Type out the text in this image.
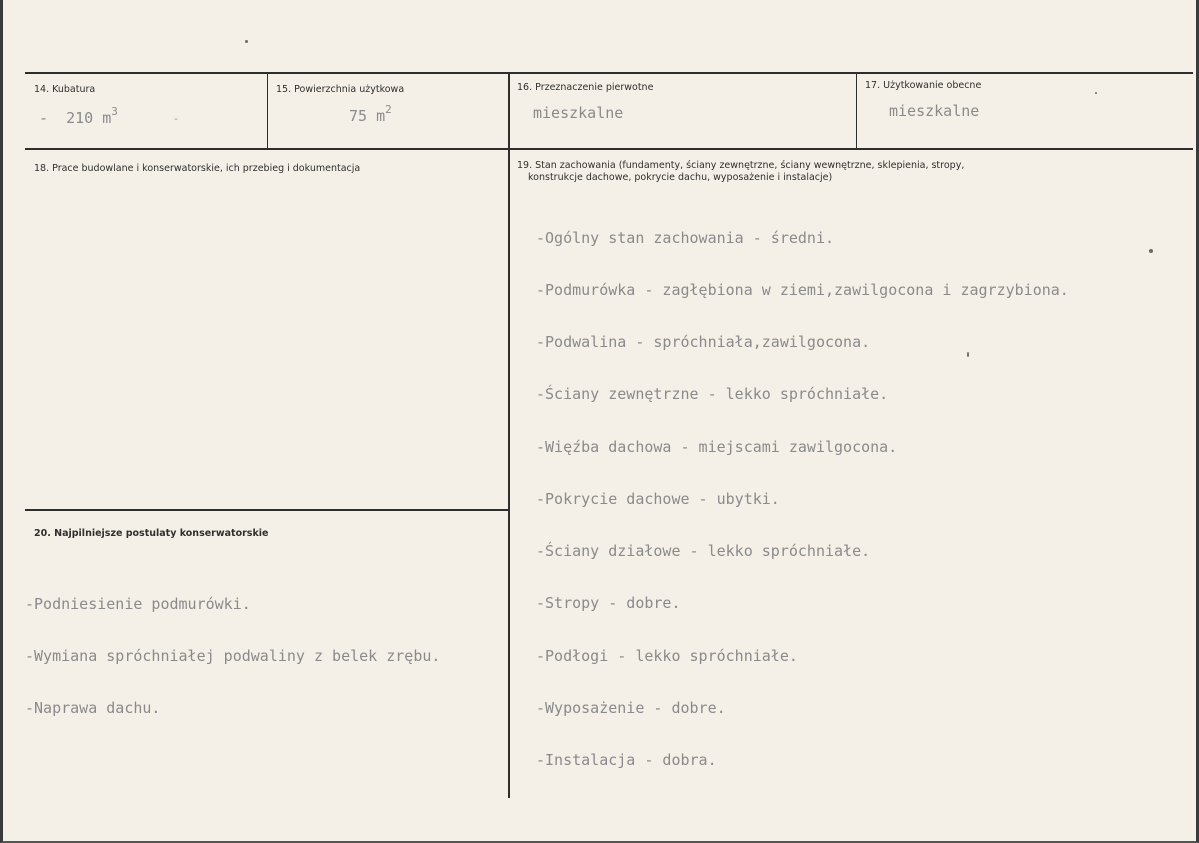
14. Kubatura
- 210 $m^3$
-
15. Powierzchnia użytkowa
75 $m^2$
16. Przeznaczenie pierwotne
mieszkalne
17. Użytkowanie obecne
mieszkalne
18. Prace budowlane i konserwatorskie, ich przebieg i dokumentacja	19. Stan zachowania (fundamenty, ściany zewnętrzne, ściany wewnętrzne, sklepienia, stropy,
konstrukcje dachowe, pokrycie dachu, wyposażenie i instalacje)

-Ogólny stan zachowania - średni.

-Podmurówka - zagłębiona w ziemi,zawilgocona i zagrzybiona.

-Podwalina - spróchniała,zawilgocona.

-Ściany zewnętrzne - lekko spróchniałe.

-Więźba dachowa - miejscami zawilgocona.

-Pokrycie dachowe - ubytki.

-Ściany działowe - lekko spróchniałe.

-Stropy - dobre.

-Podłogi - lekko spróchniałe.

-Wyposażenie - dobre.

-Instalacja - dobra.

20. Najpilniejsze postulaty konserwatorskie

-Podniesienie podmurówki.

-Wymiana spróchniałej podwaliny z belek zrębu.

-Naprawa dachu.
